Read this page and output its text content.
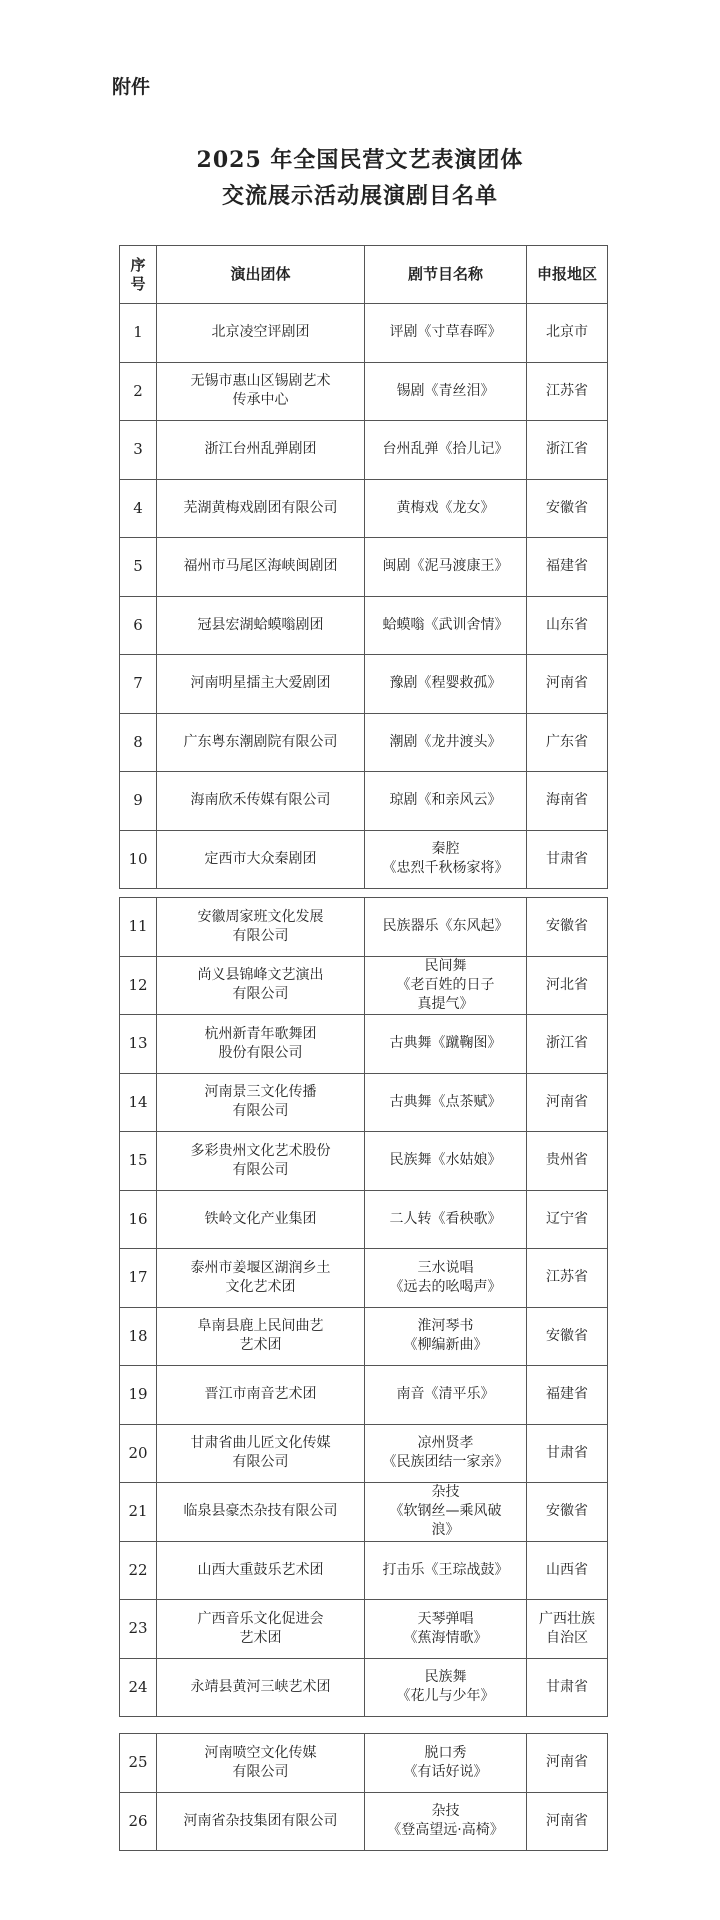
附件
2025 年全国民营文艺表演团体
交流展示活动展演剧目名单
序
号	演出团体	剧节目名称	申报地区
1	北京凌空评剧团	评剧《寸草春晖》	北京市
2	无锡市惠山区锡剧艺术
传承中心	锡剧《青丝泪》	江苏省
3	浙江台州乱弹剧团	台州乱弹《拾儿记》	浙江省
4	芜湖黄梅戏剧团有限公司	黄梅戏《龙女》	安徽省
5	福州市马尾区海峡闽剧团	闽剧《泥马渡康王》	福建省
6	冠县宏湖蛤蟆嗡剧团	蛤蟆嗡《武训舍情》	山东省
7	河南明星擂主大爱剧团	豫剧《程婴救孤》	河南省
8	广东粤东潮剧院有限公司	潮剧《龙井渡头》	广东省
9	海南欣禾传媒有限公司	琼剧《和亲风云》	海南省
10	定西市大众秦剧团	秦腔
《忠烈千秋杨家将》	甘肃省
11	安徽周家班文化发展
有限公司	民族器乐《东风起》	安徽省
12	尚义县锦峰文艺演出
有限公司	民间舞
《老百姓的日子
真提气》	河北省
13	杭州新青年歌舞团
股份有限公司	古典舞《蹴鞠图》	浙江省
14	河南景三文化传播
有限公司	古典舞《点茶赋》	河南省
15	多彩贵州文化艺术股份
有限公司	民族舞《水姑娘》	贵州省
16	铁岭文化产业集团	二人转《看秧歌》	辽宁省
17	泰州市姜堰区湖润乡土
文化艺术团	三水说唱
《远去的吆喝声》	江苏省
18	阜南县鹿上民间曲艺
艺术团	淮河琴书
《柳编新曲》	安徽省
19	晋江市南音艺术团	南音《清平乐》	福建省
20	甘肃省曲儿匠文化传媒
有限公司	凉州贤孝
《民族团结一家亲》	甘肃省
21	临泉县豪杰杂技有限公司	杂技
《软钢丝—乘风破
浪》	安徽省
22	山西大重鼓乐艺术团	打击乐《王琮战鼓》	山西省
23	广西音乐文化促进会
艺术团	天琴弹唱
《蕉海情歌》	广西壮族
自治区
24	永靖县黄河三峡艺术团	民族舞
《花儿与少年》	甘肃省
25	河南喷空文化传媒
有限公司	脱口秀
《有话好说》	河南省
26	河南省杂技集团有限公司	杂技
《登高望远·高椅》	河南省
